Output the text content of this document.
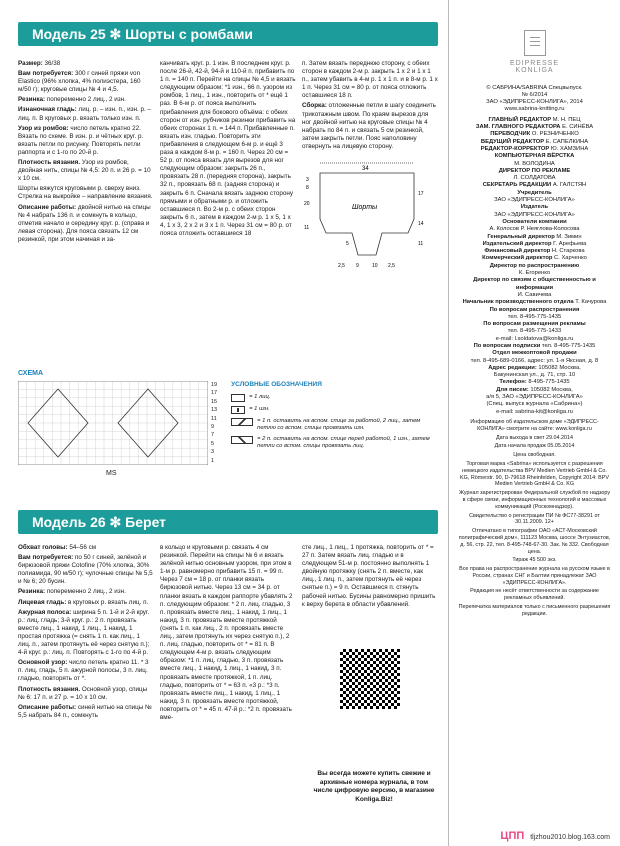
Модель 25 ✻ Шорты с ромбами

Размер: 36/38

Вам потребуется: 300 г синей пряжи von Elastico (96% хлопка, 4% полиэстера, 160 м/50 г); круговые спицы № 4 и 4,5.

Резинка: попеременно 2 лиц., 2 изн.

Изнаночная гладь: лиц. р. – изн. п., изн. р. – лиц. п. В круговых р. вязать только изн. п.

Узор из ромбов: число петель кратно 22. Вязать по схеме. В изн. р. и чётных круг. р. вязать петли по рисунку. Повторять петли раппорта и с 1-го по 20-й р.

Плотность вязания. Узор из ромбов, двойная нить, спицы № 4,5: 20 п. и 26 р. = 10 х 10 см.

Шорты вяжутся круговыми р. сверху вниз. Стрелка на выкройке – направление вязания.

Описание работы: двойной нитью на спицы № 4 набрать 136 п. и сомкнуть в кольцо, отметив начало и середину круг. р. (справа и левая сторона). Для пояса связать 12 см резинкой, при этом начиная и за-

канчивать круг. р. 1 изн. В последнем круг. р. после 26-й, 42-й, 94-й и 110-й п. прибавить по 1 п. = 140 п. Перейти на спицы № 4,5 и вязать следующим образом: *1 изн., 66 п. узором из ромбов, 1 лиц., 1 изн., повторить от * ещё 1 раз. В 6-м р. от пояса выполнить прибавления для бокового объёма: с обеих сторон от изн. рубчиков резинки прибавить на обеих сторонах 1 п. = 144 п. Прибавленные п. вязать изн. гладью. Повторить эти прибавления в следующем 6-м р. и ещё 3 раза в каждом 8-м р. = 160 п. Через 20 см = 52 р. от пояса вязать для вырезов для ног следующим образом: закрыть 26 п., провязать 28 п. (передняя сторона), закрыть 32 п., провязать 68 п. (задняя сторона) и закрыть 6 п. Сначала вязать заднюю сторону прямыми и обратными р. и отложить оставшиеся п. Во 2-м р. с обеих сторон закрыть 6 п., затем в каждом 2-м р. 1 х 5, 1 х 4, 1 х 3, 2 х 2 и 3 х 1 п. Через 31 см = 80 р. от пояса отложить оставшиеся 18

п. Затем вязать переднюю сторону, с обеих сторон в каждом 2-м р. закрыть 1 х 2 и 1 х 1 п., затем убавить в 4-м р. 1 х 1 п. и в 8-м р. 1 х 1 п. Через 31 см = 80 р. от пояса отложить оставшиеся 18 п.

Сборка: отложенные петли в шагу соединить трикотажным швом. По краям вырезов для ног двойной нитью на круговые спицы № 4 набрать по 84 п. и связать 5 см резинкой, затем закрыть петли. Пояс наполовину отвернуть на лицевую сторону.

34
Шорты
3
8
20
11
17
14
11
5
2,5 9	10 2,5
СХЕМА
19
17
15
13
11
9
7
5
3
1
УСЛОВНЫЕ ОБОЗНАЧЕНИЯ
= 1 лиц.
= 1 изн.
= 1 п. оставить на вспом. спице за работой, 2 лиц., затем петлю со вспом. спицы провязать изн.
= 2 п. оставить на вспом. спице перед работой, 1 изн., затем петли со вспом. спицы провязать лиц.
MS
Модель 26 ✻ Берет

Обхват головы: 54–56 см

Вам потребуется: по 50 г синей, зелёной и бирюзовой пряжи Cotofine (70% хлопка, 30% полиамида, 90 м/50 г); чулочные спицы № 5,5 и № 6; 20 бусин.

Резинка: попеременно 2 лиц., 2 изн.

Лицевая гладь: в круговых р. вязать лиц. п.

Ажурная полоса: ширина 5 п. 1-й и 2-й круг. р.: лиц. гладь; 3-й круг. р.: 2 п. провязать вместе лиц., 1 накид, 1 лиц., 1 накид, 1 простая протяжка (= снять 1 п. как лиц., 1 лиц. п., затем протянуть её через снятую п.); 4-й круг. р.: лиц. п. Повторять с 1-го по 4-й р.

Основной узор: число петель кратно 11. * 3 п. лиц. гладь, 5 п. ажурной полосы, 3 п. лиц. гладью, повторять от *.

Плотность вязания. Основной узор, спицы № 6: 17 п. и 27 р. = 10 х 10 см.

Описание работы: синей нитью на спицы № 5,5 набрать 84 п., сомкнуть

в кольцо и круговыми р. связать 4 см резинкой. Перейти на спицы № 6 и вязать зелёной нитью основным узором, при этом в 1-м р. равномерно прибавить 15 п. = 99 п. Через 7 см = 18 р. от планки вязать бирюзовой нитью. Через 13 см = 34 р. от планки вязать в каждом раппорте убавлять 2 п. следующим образом: * 2 п. лиц. гладью, 3 п. провязать вместе лиц., 1 накид, 1 лиц., 1 накид, 3 п. провязать вместе протяжкой (снять 1 п. как лиц., 2 п. провязать вместе лиц., затем протянуть их через снятую п.), 2 п. лиц. гладью, повторить от * = 81 п. В следующем 4-м р. вязать следующим образом: *1 п. лиц. гладью, 3 п. провязать вместе лиц., 1 накид, 1 лиц., 1 накид, 3 п. провязать вместе протяжкой, 1 п. лиц. гладью, повторить от * = 63 п. «3 р.: *3 п. провязать вместе лиц., 1 накид, 1 лиц., 1 накид, 3 п. провязать вместе протяжкой, повторить от * = 45 п. 47-й р.: *2 п. провязать вме-

сте лиц., 1 лиц., 1 протяжка, повторить от * = 27 п. Затем вязать лиц. гладью и в следующем 51-м р. постоянно выполнять 1 двойную протяжку (снять 2 п. вместе, как лиц., 1 лиц. п., затем протянуть её через снятые п.) = 9 п. Оставшиеся п. стянуть рабочей нитью. Бусины равномерно пришить к верху берета в области убавлений.

Вы всегда можете купить свежие и архивные номера журнала, в том числе цифровую версию, в магазине Konliga.Biz!
EDIPRESSE
KONLIGA
© САБРИНА/SABRINA Спецвыпуск.
№ 6/2014
ЗАО «ЭДИПРЕСС-КОНЛИГА», 2014
www.sabrina-knitting.ru
ГЛАВНЫЙ РЕДАКТОР М. Н. ПЕЦ
ЗАМ. ГЛАВНОГО РЕДАКТОРА Е. СИНЁВА
ПЕРЕВОДЧИК О. РЕЗНИЧЕНКО
ВЕДУЩИЙ РЕДАКТОР Е. САПЕЛКИНА
РЕДАКТОР-КОРРЕКТОР Ю. ХАМЗИНА
КОМПЬЮТЕРНАЯ ВЁРСТКА
М. ВОЛОДИНА
ДИРЕКТОР ПО РЕКЛАМЕ
Л. СОЛДАТОВА
СЕКРЕТАРЬ РЕДАКЦИИ А. ГАЛСТЯН
Учредитель
ЗАО «ЭДИПРЕСС-КОНЛИГА»
Издатель
ЗАО «ЭДИПРЕСС-КОНЛИГА»
Основатели компании
А. Колосов Р. Неяглова-Колосова
Генеральный директор М. Зимин
Издательский директор Г. Арефьева
Финансовый директор Н. Старкова
Коммерческий директор С. Харченко
Директор по распространению
К. Егоренко
Директор по связям с общественностью и информации
И. Савичева
Начальник производственного отдела Т. Качурова
По вопросам распространения
тел. 8-495-775-1435
По вопросам размещения рекламы
тел. 8-495-775-1433
e-mail: l.soldatova@konliga.ru
По вопросам подписки тел. 8-495-775-1435
Отдел межкоптовой продажи
тел. 8-495-689-0166, адрес: ул. 1-я Яксная, д. 8
Адрес редакции: 105082 Москва,
Бакунинская ул., д. 71, стр. 10
Телефон: 8-495-775-1435
Для писем: 105082 Москва,
а/я 5, ЗАО «ЭДИПРЕСС-КОНЛИГА»
(Спец. выпуск журнала «Сабрина»)
e-mail: sabrina-kit@konliga.ru
Информацию об издательском доме «ЭДИПРЕСС-КОНЛИГА» смотрите на сайте: www.konliga.ru
Дата выхода в свет 29.04.2014
Дата начала продаж 05.05.2014
Цена свободная.
Торговая марка «Sabrina» используется с разрешения немецкого издательства BPV Medien Vertrieb GmbH & Co. KG, Römerstr. 90, D-79618 Rheinfelden, Copyright 2014: BPV Medien Vertrieb GmbH & Co. KG
Журнал зарегистрирован Федеральной службой по надзору в сфере связи, информационных технологий и массовых коммуникаций (Роскомнадзор).
Свидетельство о регистрации ПИ № ФС77-38291 от 30.11.2009. 12+
Отпечатано в типографии ОАО «АСТ-Московский полиграфический дом», 111123 Москва, шоссе Энтузиастов, д. 56, стр. 22, тел. 8-495-748-67-30. Зак. № 332. Свободная цена.
Тираж 45 500 экз.
Все права на распространение журнала на русском языке в России, странах СНГ и Балтии принадлежат ЗАО «ЭДИПРЕСС-КОНЛИГА».
Редакция не несёт ответственности за содержание рекламных объявлений.
Перепечатка материалов только с письменного разрешения редакции.
ЦПП tljzhou2010.blog.163.com
